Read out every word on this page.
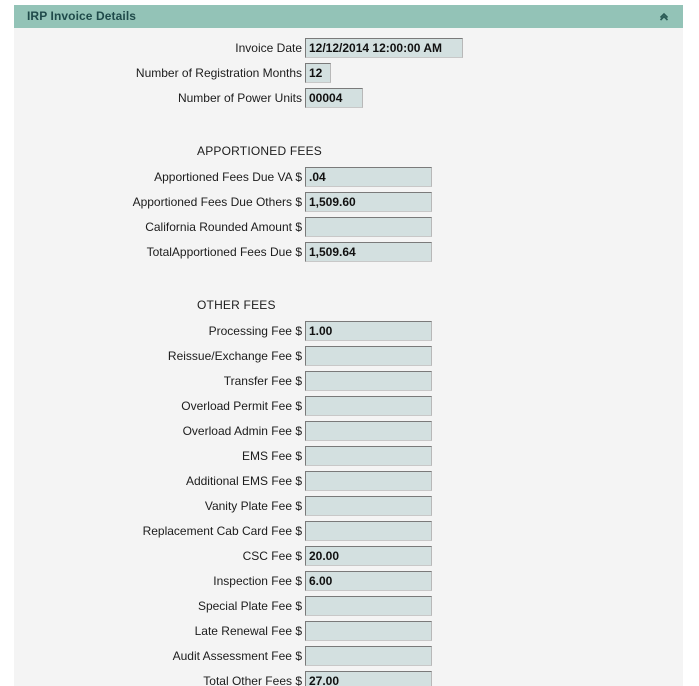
IRP Invoice Details
Invoice Date 12/12/2014 12:00:00 AM
Number of Registration Months 12
Number of Power Units 00004
APPORTIONED FEES
Apportioned Fees Due VA $ .04
Apportioned Fees Due Others $ 1,509.60
California Rounded Amount $
TotalApportioned Fees Due $ 1,509.64
OTHER FEES
Processing Fee $ 1.00
Reissue/Exchange Fee $
Transfer Fee $
Overload Permit Fee $
Overload Admin Fee $
EMS Fee $
Additional EMS Fee $
Vanity Plate Fee $
Replacement Cab Card Fee $
CSC Fee $ 20.00
Inspection Fee $ 6.00
Special Plate Fee $
Late Renewal Fee $
Audit Assessment Fee $
Total Other Fees $ 27.00
